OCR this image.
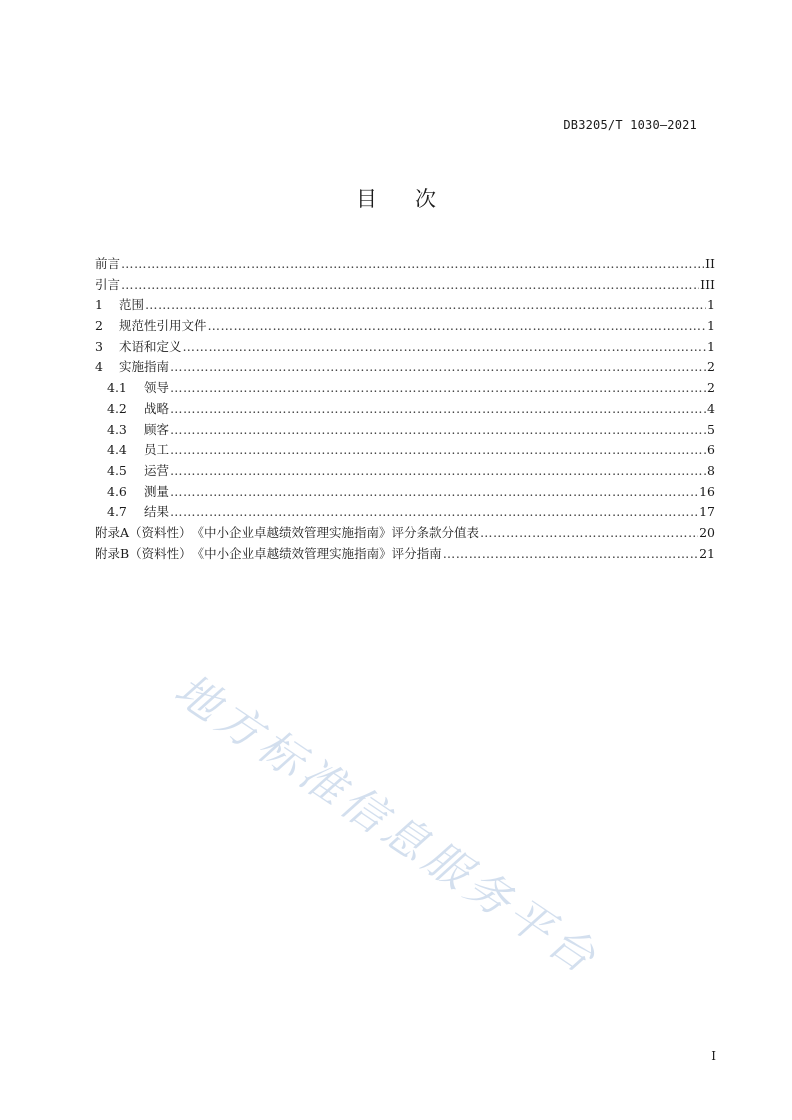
DB3205/T 1030—2021
目 次
前言 …………………………………………………………………………………………………………………………………………………	II
引言 …………………………………………………………………………………………………………………………………………………	III
1 范围 …………………………………………………………………………………………………………………………………………………	1
2 规范性引用文件 …………………………………………………………………………………………………………………………………………………	1
3 术语和定义 …………………………………………………………………………………………………………………………………………………	1
4 实施指南 …………………………………………………………………………………………………………………………………………………	2
4.1 领导 …………………………………………………………………………………………………………………………………………………	2
4.2 战略 …………………………………………………………………………………………………………………………………………………	4
4.3 顾客 …………………………………………………………………………………………………………………………………………………	5
4.4 员工 …………………………………………………………………………………………………………………………………………………	6
4.5 运营 …………………………………………………………………………………………………………………………………………………	8
4.6 测量 …………………………………………………………………………………………………………………………………………………	16
4.7 结果 …………………………………………………………………………………………………………………………………………………	17
附录A（资料性）　《中小企业卓越绩效管理实施指南》评分条款分值表 …………………………………………………………………………………………………………………………………………………	20
附录B（资料性）　《中小企业卓越绩效管理实施指南》评分指南 …………………………………………………………………………………………………………………………………………………	21
地方标准信息服务平台
I
